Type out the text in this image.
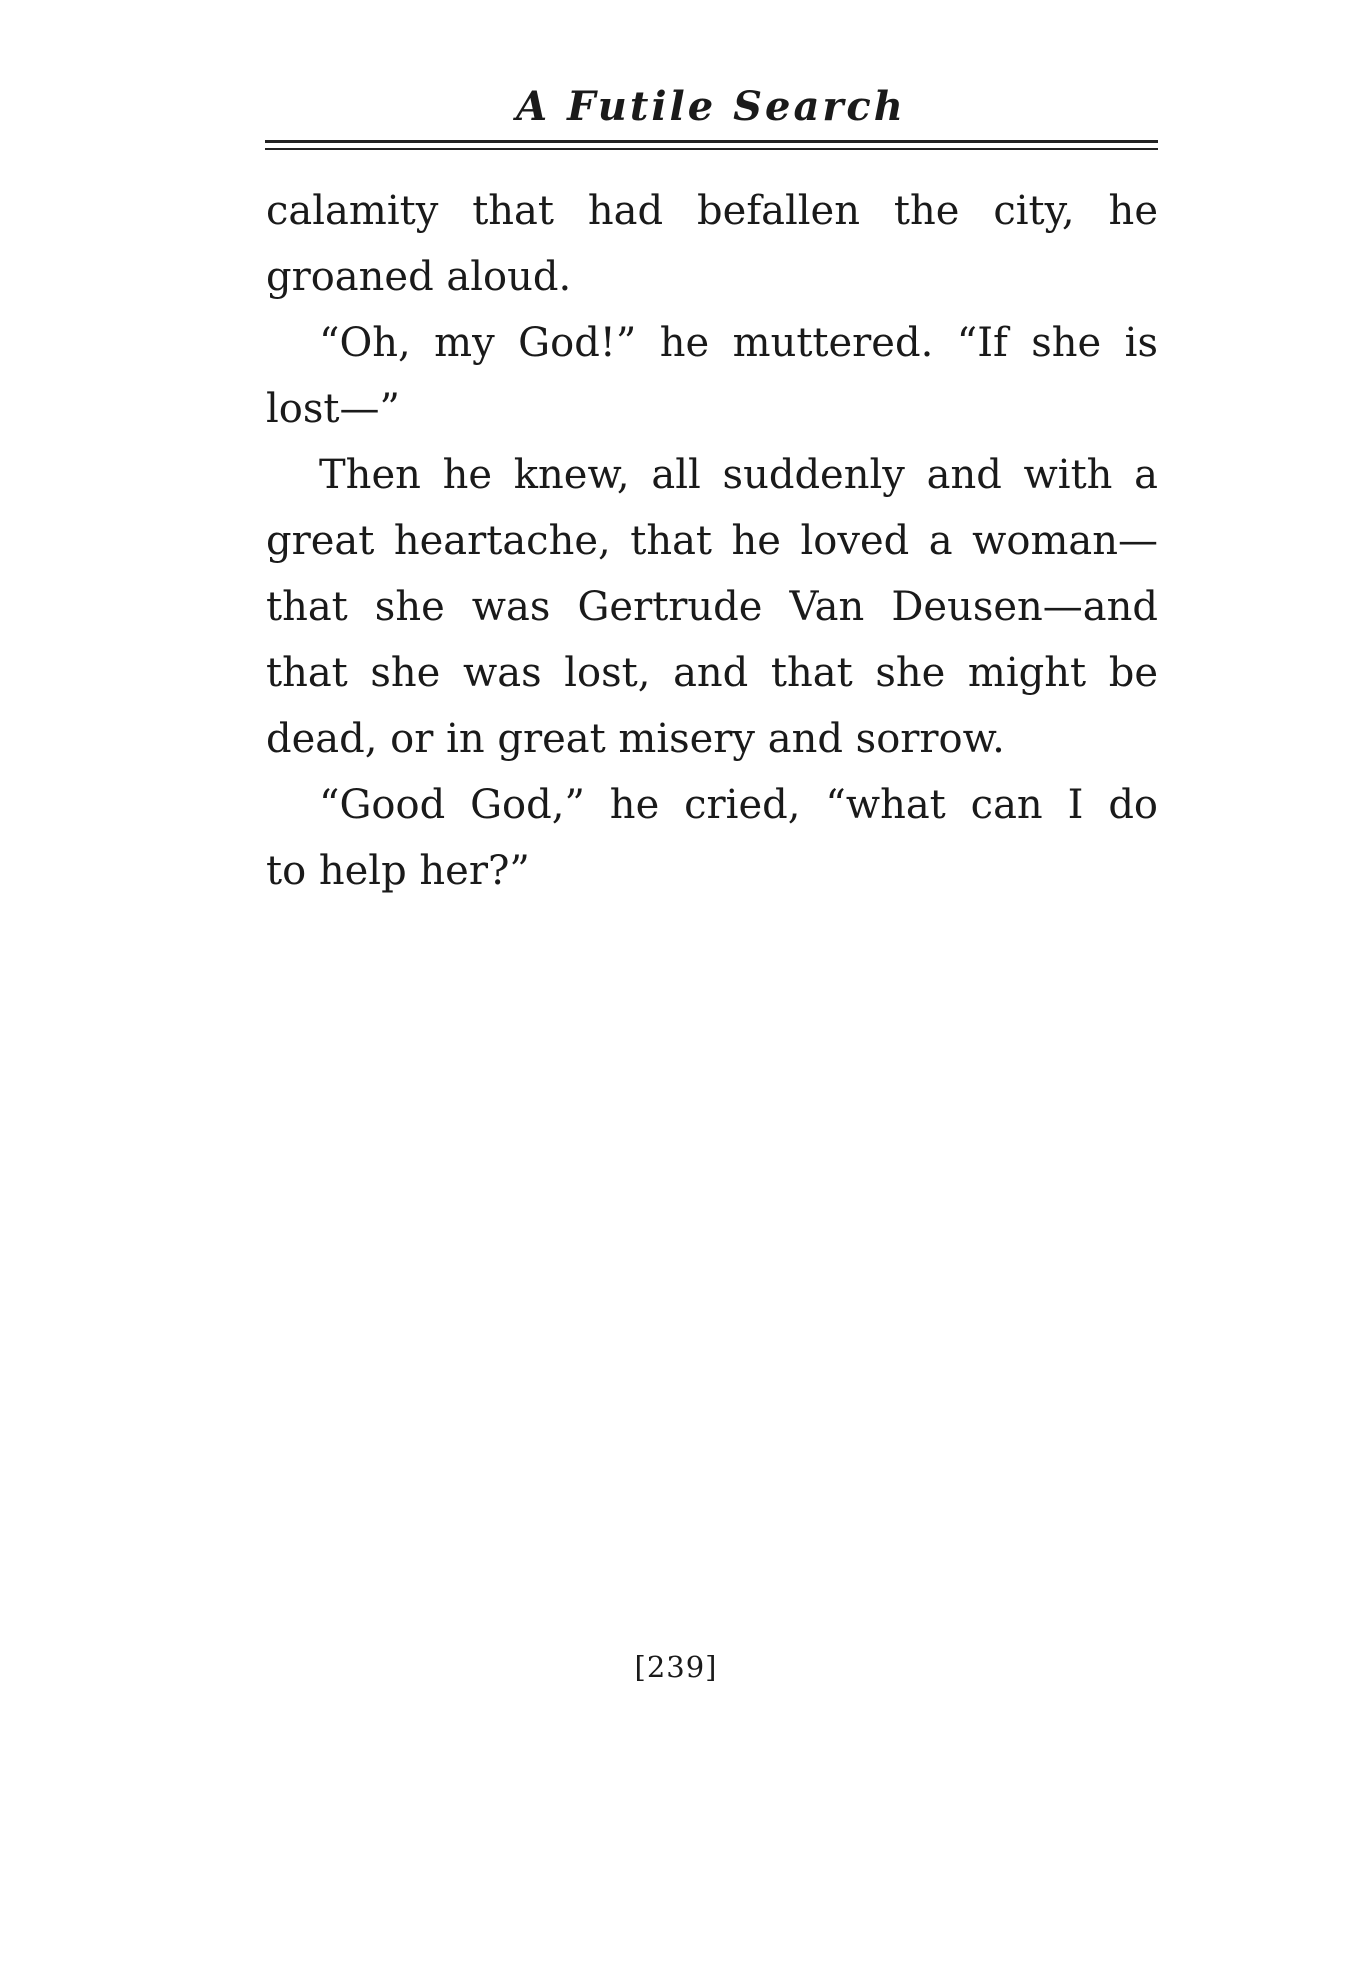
A Futile Search
calamity that had befallen the city, he
groaned aloud.
“Oh, my God!” he muttered. “If she is
lost—”
Then he knew, all suddenly and with a
great heartache, that he loved a woman—
that she was Gertrude Van Deusen—and
that she was lost, and that she might be
dead, or in great misery and sorrow.
“Good God,” he cried, “what can I do
to help her?”
[239]
